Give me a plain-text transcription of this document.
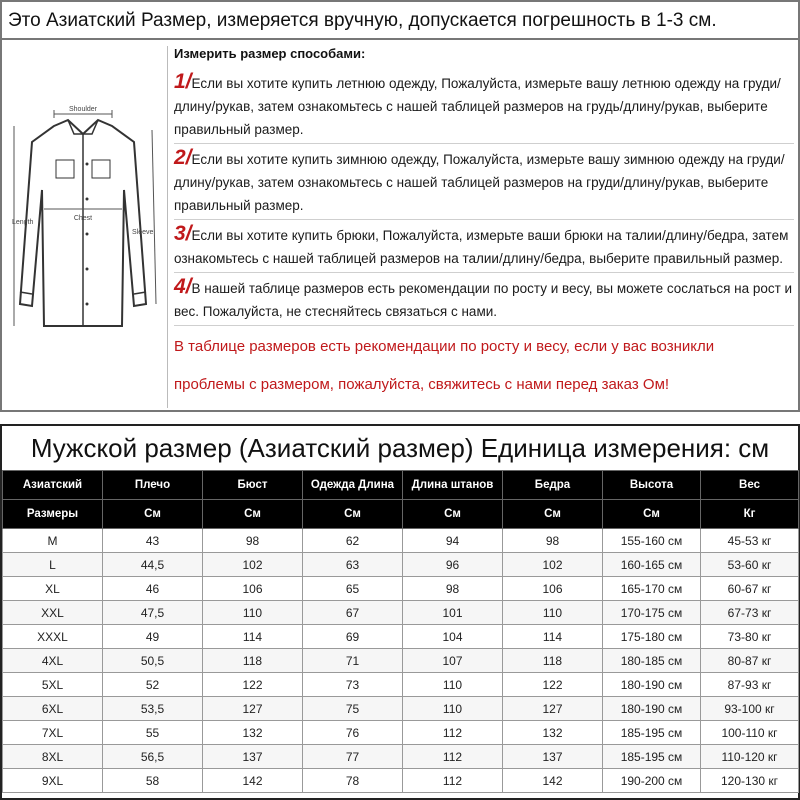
Это Азиатский Размер, измеряется вручную, допускается погрешность в 1-3 см.
Shoulder
Chest
Length
Sleeve
Измерить размер способами:
1/Если вы хотите купить летнюю одежду, Пожалуйста, измерьте вашу летнюю одежду на груди/длину/рукав, затем ознакомьтесь с нашей таблицей размеров на грудь/длину/рукав, выберите правильный размер.
2/Если вы хотите купить зимнюю одежду, Пожалуйста, измерьте вашу зимнюю одежду на груди/длину/рукав, затем ознакомьтесь с нашей таблицей размеров на груди/длину/рукав, выберите правильный размер.
3/Если вы хотите купить брюки, Пожалуйста, измерьте ваши брюки на талии/длину/бедра, затем ознакомьтесь с нашей таблицей размеров на талии/длину/бедра, выберите правильный размер.
4/В нашей таблице размеров есть рекомендации по росту и весу, вы можете сослаться на рост и вес. Пожалуйста, не стесняйтесь связаться с нами.
В таблице размеров есть рекомендации по росту и весу, если у вас возникли
проблемы с размером, пожалуйста, свяжитесь с нами перед заказ Ом!
Мужской размер (Азиатский размер) Единица измерения: см
Азиатский	Плечо	Бюст	Одежда Длина	Длина штанов	Бедра	Высота	Вес
Размеры	См	См	См	См	См	См	Кг
M	43	98	62	94	98	155-160 см	45-53 кг
L	44,5	102	63	96	102	160-165 см	53-60 кг
XL	46	106	65	98	106	165-170 см	60-67 кг
XXL	47,5	110	67	101	110	170-175 см	67-73 кг
XXXL	49	114	69	104	114	175-180 см	73-80 кг
4XL	50,5	118	71	107	118	180-185 см	80-87 кг
5XL	52	122	73	110	122	180-190 см	87-93 кг
6XL	53,5	127	75	110	127	180-190 см	93-100 кг
7XL	55	132	76	112	132	185-195 см	100-110 кг
8XL	56,5	137	77	112	137	185-195 см	110-120 кг
9XL	58	142	78	112	142	190-200 см	120-130 кг
